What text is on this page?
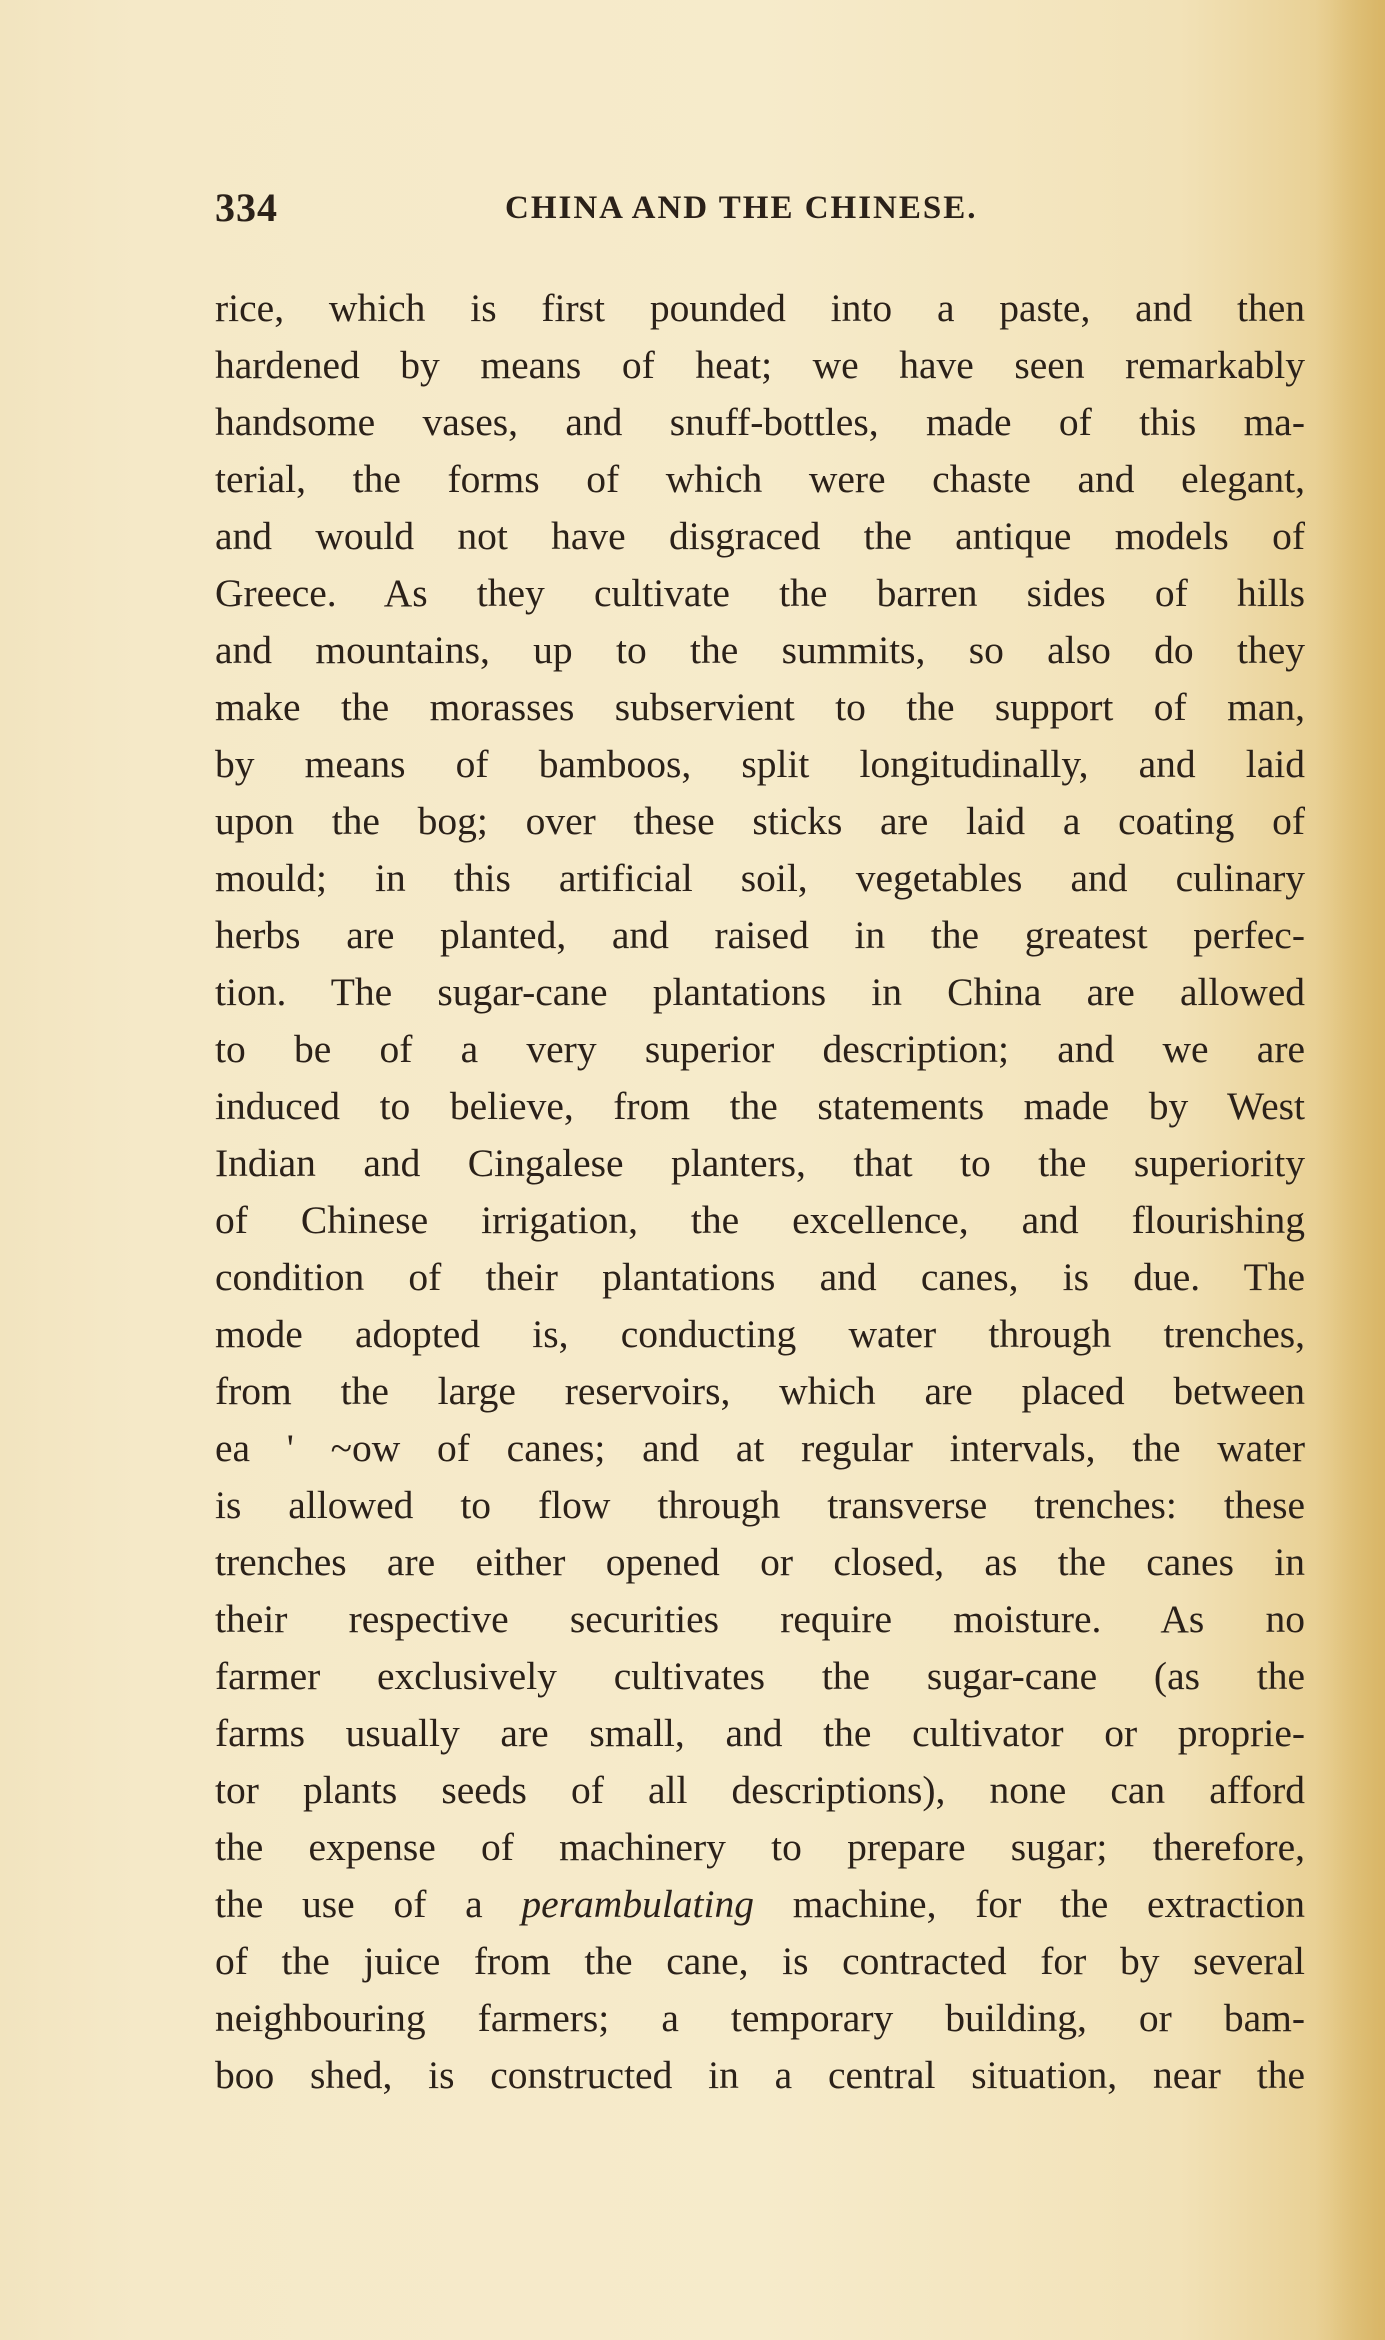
334	CHINA AND THE CHINESE.
rice, which is first pounded into a paste, and then
hardened by means of heat; we have seen remarkably
handsome vases, and snuff-bottles, made of this ma-
terial, the forms of which were chaste and elegant,
and would not have disgraced the antique models of
Greece. As they cultivate the barren sides of hills
and mountains, up to the summits, so also do they
make the morasses subservient to the support of man,
by means of bamboos, split longitudinally, and laid
upon the bog; over these sticks are laid a coating of
mould; in this artificial soil, vegetables and culinary
herbs are planted, and raised in the greatest perfec-
tion. The sugar-cane plantations in China are allowed
to be of a very superior description; and we are
induced to believe, from the statements made by West
Indian and Cingalese planters, that to the superiority
of Chinese irrigation, the excellence, and flourishing
condition of their plantations and canes, is due. The
mode adopted is, conducting water through trenches,
from the large reservoirs, which are placed between
ea ' ~ow of canes; and at regular intervals, the water
is allowed to flow through transverse trenches: these
trenches are either opened or closed, as the canes in
their respective securities require moisture. As no
farmer exclusively cultivates the sugar-cane (as the
farms usually are small, and the cultivator or proprie-
tor plants seeds of all descriptions), none can afford
the expense of machinery to prepare sugar; therefore,
the use of a perambulating machine, for the extraction
of the juice from the cane, is contracted for by several
neighbouring farmers; a temporary building, or bam-
boo shed, is constructed in a central situation, near the
